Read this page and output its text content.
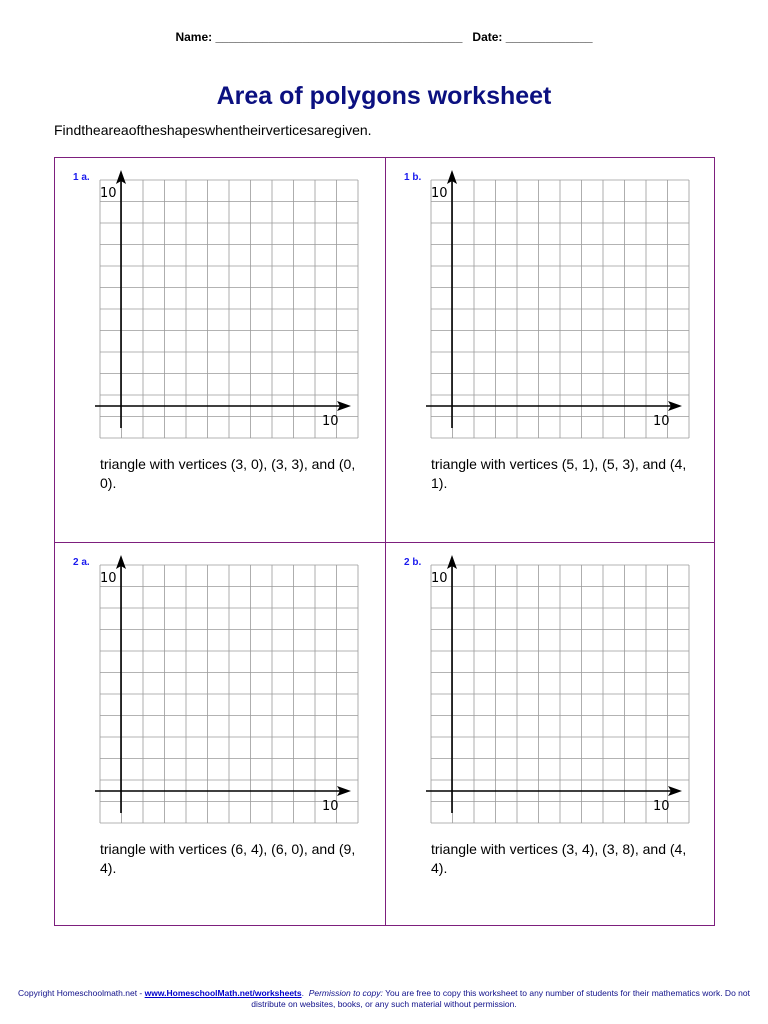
Name: _____________________________________ Date: _____________
Area of polygons worksheet
Findtheareaoftheshapeswhentheirverticesaregiven.
1 a.
10
10
triangle with vertices (3, 0), (3, 3), and (0, 0).
1 b.
10
10
triangle with vertices (5, 1), (5, 3), and (4, 1).
2 a.
10
10
triangle with vertices (6, 4), (6, 0), and (9, 4).
2 b.
10
10
triangle with vertices (3, 4), (3, 8), and (4, 4).
Copyright Homeschoolmath.net - www.HomeschoolMath.net/worksheets.  Permission to copy: You are free to copy this worksheet to any number of students for their mathematics work. Do not distribute on websites, books, or any such material without permission.
